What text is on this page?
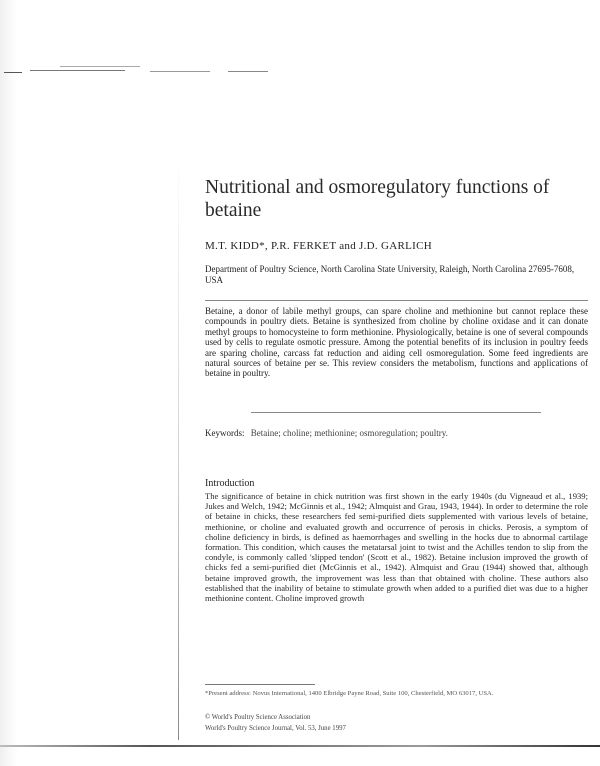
Nutritional and osmoregulatory functions of betaine
M.T. KIDD*, P.R. FERKET and J.D. GARLICH
Department of Poultry Science, North Carolina State University, Raleigh, North Carolina 27695-7608, USA
Betaine, a donor of labile methyl groups, can spare choline and methionine but cannot replace these compounds in poultry diets. Betaine is synthesized from choline by choline oxidase and it can donate methyl groups to homocysteine to form methionine. Physiologically, betaine is one of several compounds used by cells to regulate osmotic pressure. Among the potential benefits of its inclusion in poultry feeds are sparing choline, carcass fat reduction and aiding cell osmoregulation. Some feed ingredients are natural sources of betaine per se. This review considers the metabolism, functions and applications of betaine in poultry.
Keywords: Betaine; choline; methionine; osmoregulation; poultry.
Introduction
The significance of betaine in chick nutrition was first shown in the early 1940s (du Vigneaud et al., 1939; Jukes and Welch, 1942; McGinnis et al., 1942; Almquist and Grau, 1943, 1944). In order to determine the role of betaine in chicks, these researchers fed semi-purified diets supplemented with various levels of betaine, methionine, or choline and evaluated growth and occurrence of perosis in chicks. Perosis, a symptom of choline deficiency in birds, is defined as haemorrhages and swelling in the hocks due to abnormal cartilage formation. This condition, which causes the metatarsal joint to twist and the Achilles tendon to slip from the condyle, is commonly called 'slipped tendon' (Scott et al., 1982). Betaine inclusion improved the growth of chicks fed a semi-purified diet (McGinnis et al., 1942). Almquist and Grau (1944) showed that, although betaine improved growth, the improvement was less than that obtained with choline. These authors also established that the inability of betaine to stimulate growth when added to a purified diet was due to a higher methionine content. Choline improved growth
*Present address: Novus International, 1400 Elbridge Payne Road, Suite 100, Chesterfield, MO 63017, USA.
© World's Poultry Science Association
World's Poultry Science Journal, Vol. 53, June 1997
